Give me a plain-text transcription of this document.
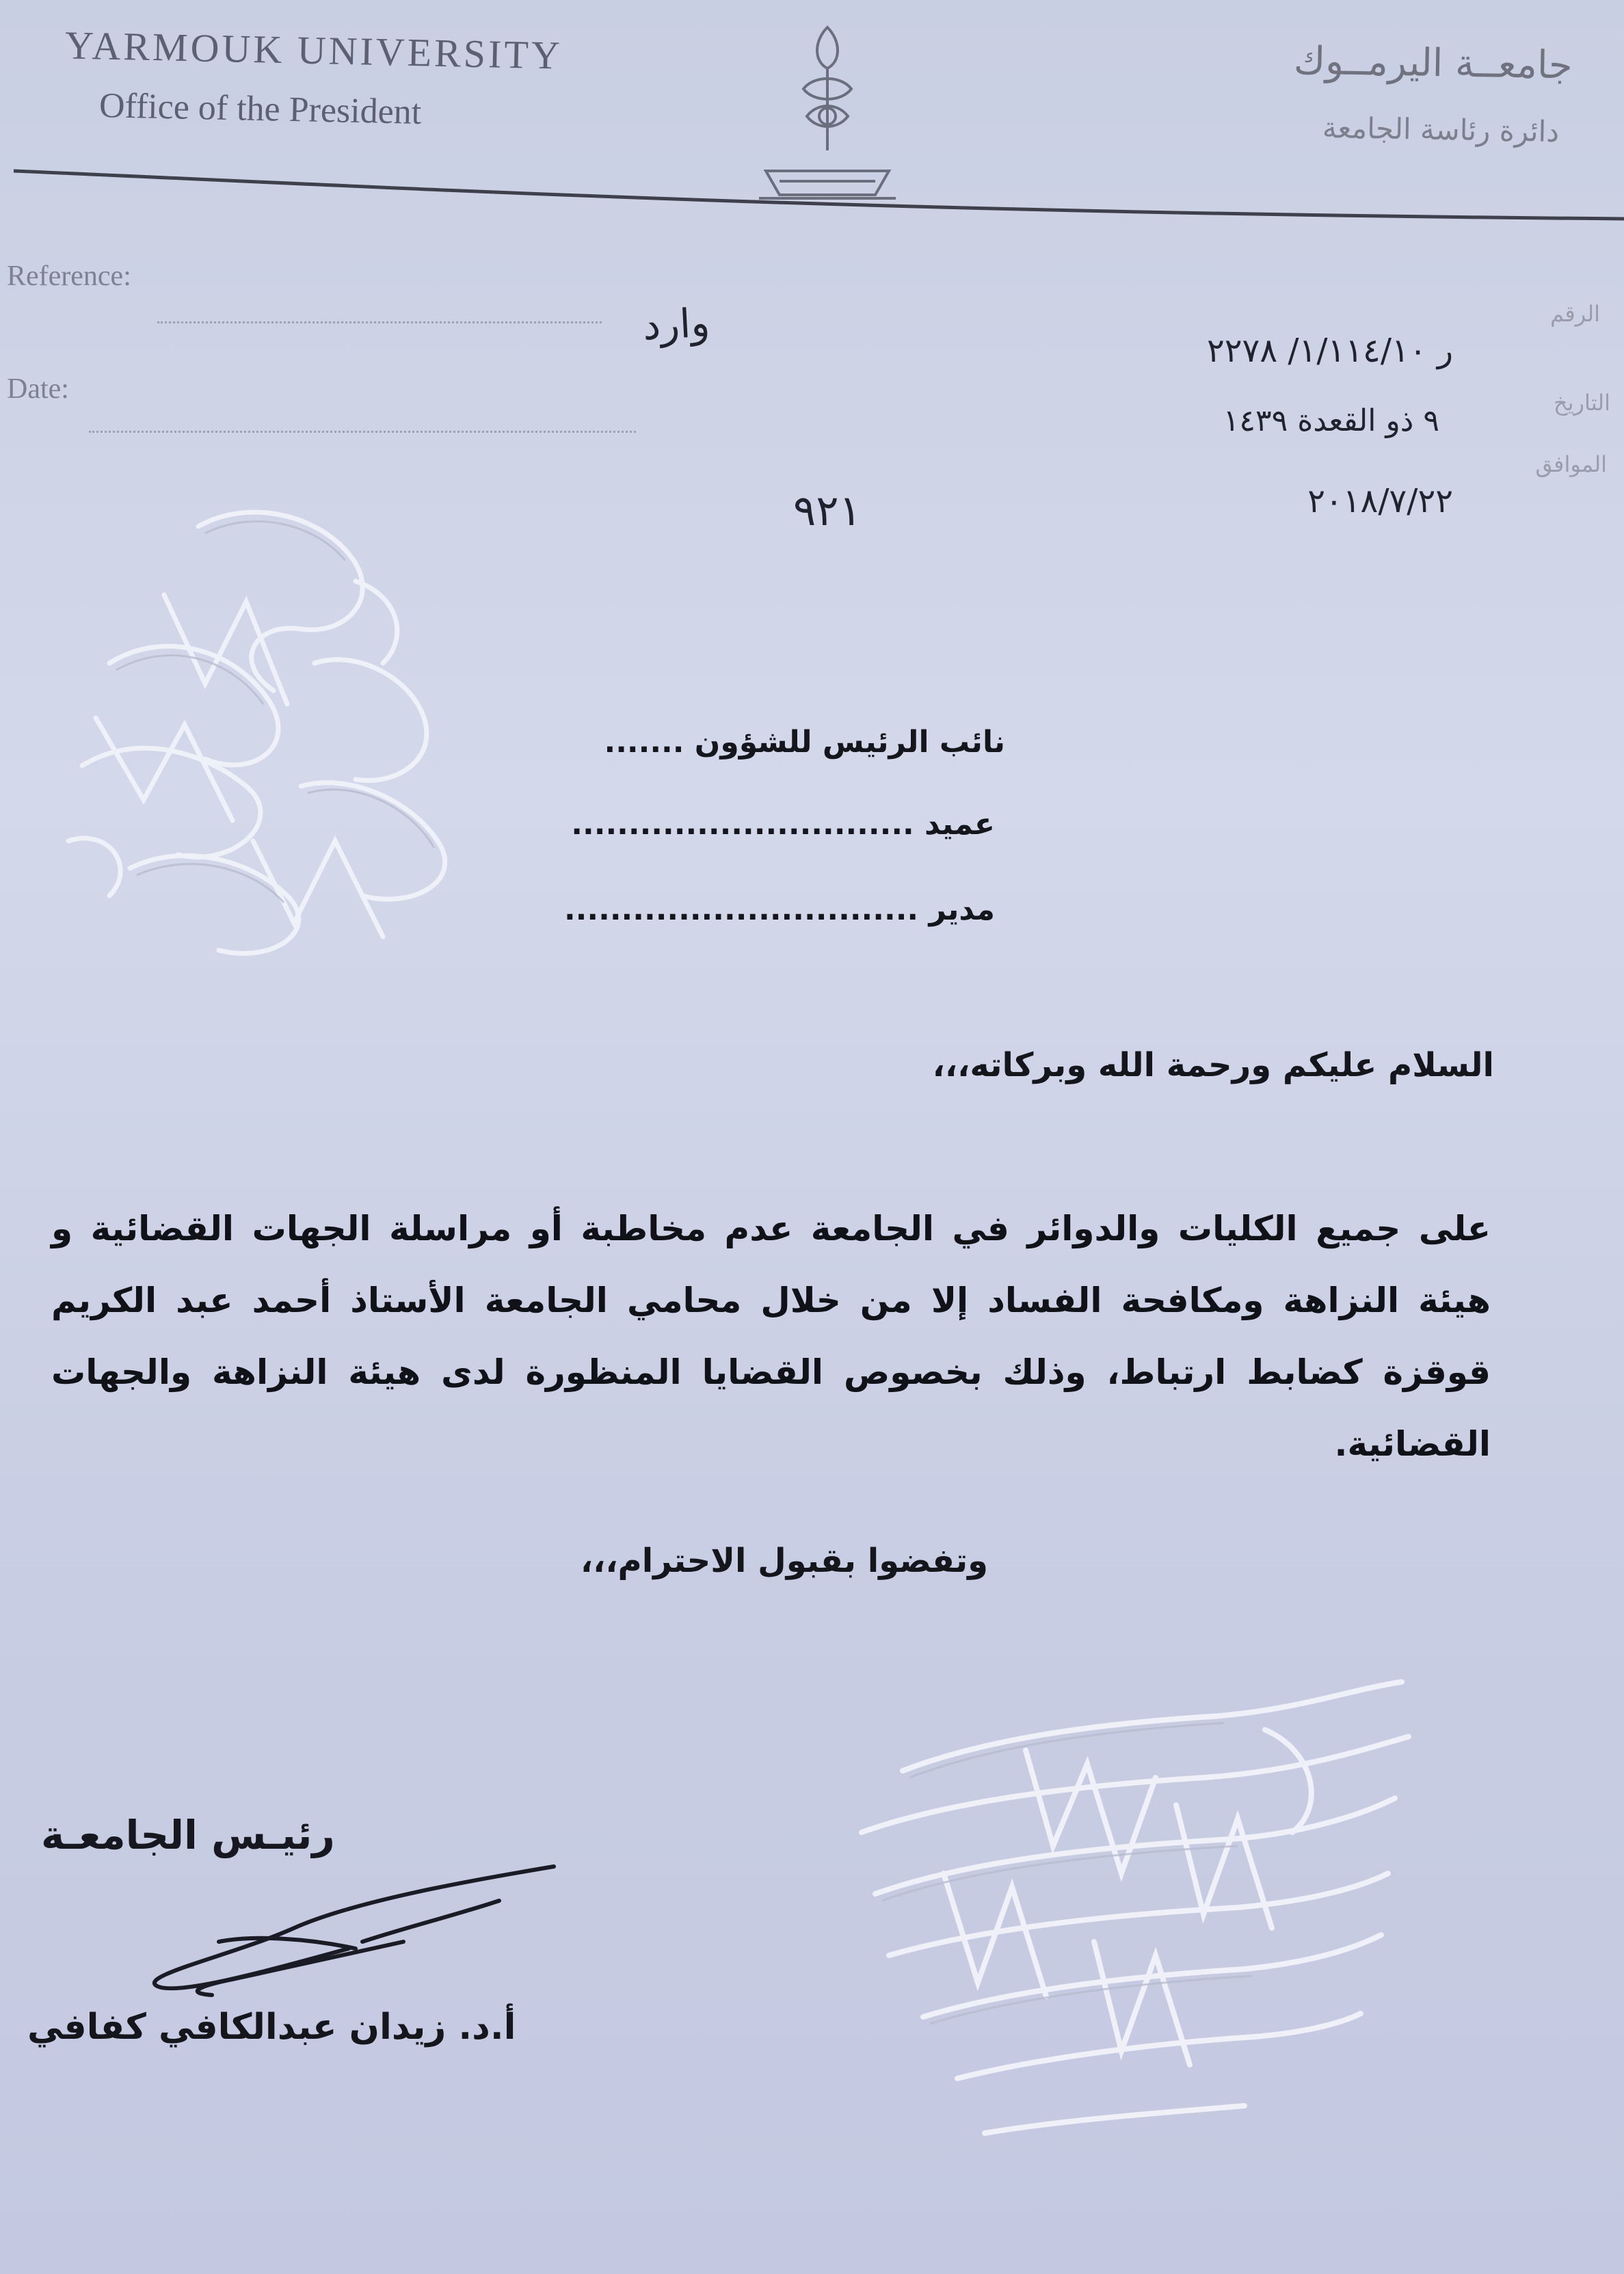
YARMOUK UNIVERSITY
Office of the President
جامعــة اليرمــوك
دائرة رئاسة الجامعة
Reference:
Date:
الرقم
التاريخ
الموافق
وارد
ر ١/١١٤/١٠/ ٢٢٧٨
٩ ذو القعدة ١٤٣٩
٢٠١٨/٧/٢٢
٩٢١
نائب الرئيس للشؤون .......
عميد ..............................
مدير ...............................
السلام عليكم ورحمة الله وبركاته،،،
على جميع الكليات والدوائر في الجامعة عدم مخاطبة أو مراسلة الجهات القضائية و هيئة النزاهة ومكافحة الفساد إلا من خلال محامي الجامعة الأستاذ أحمد عبد الكريم قوقزة كضابط ارتباط، وذلك بخصوص القضايا المنظورة لدى هيئة النزاهة والجهات القضائية.
وتفضوا بقبول الاحترام،،،
رئيـس الجامعـة
أ.د. زيدان عبدالكافي كفافي
